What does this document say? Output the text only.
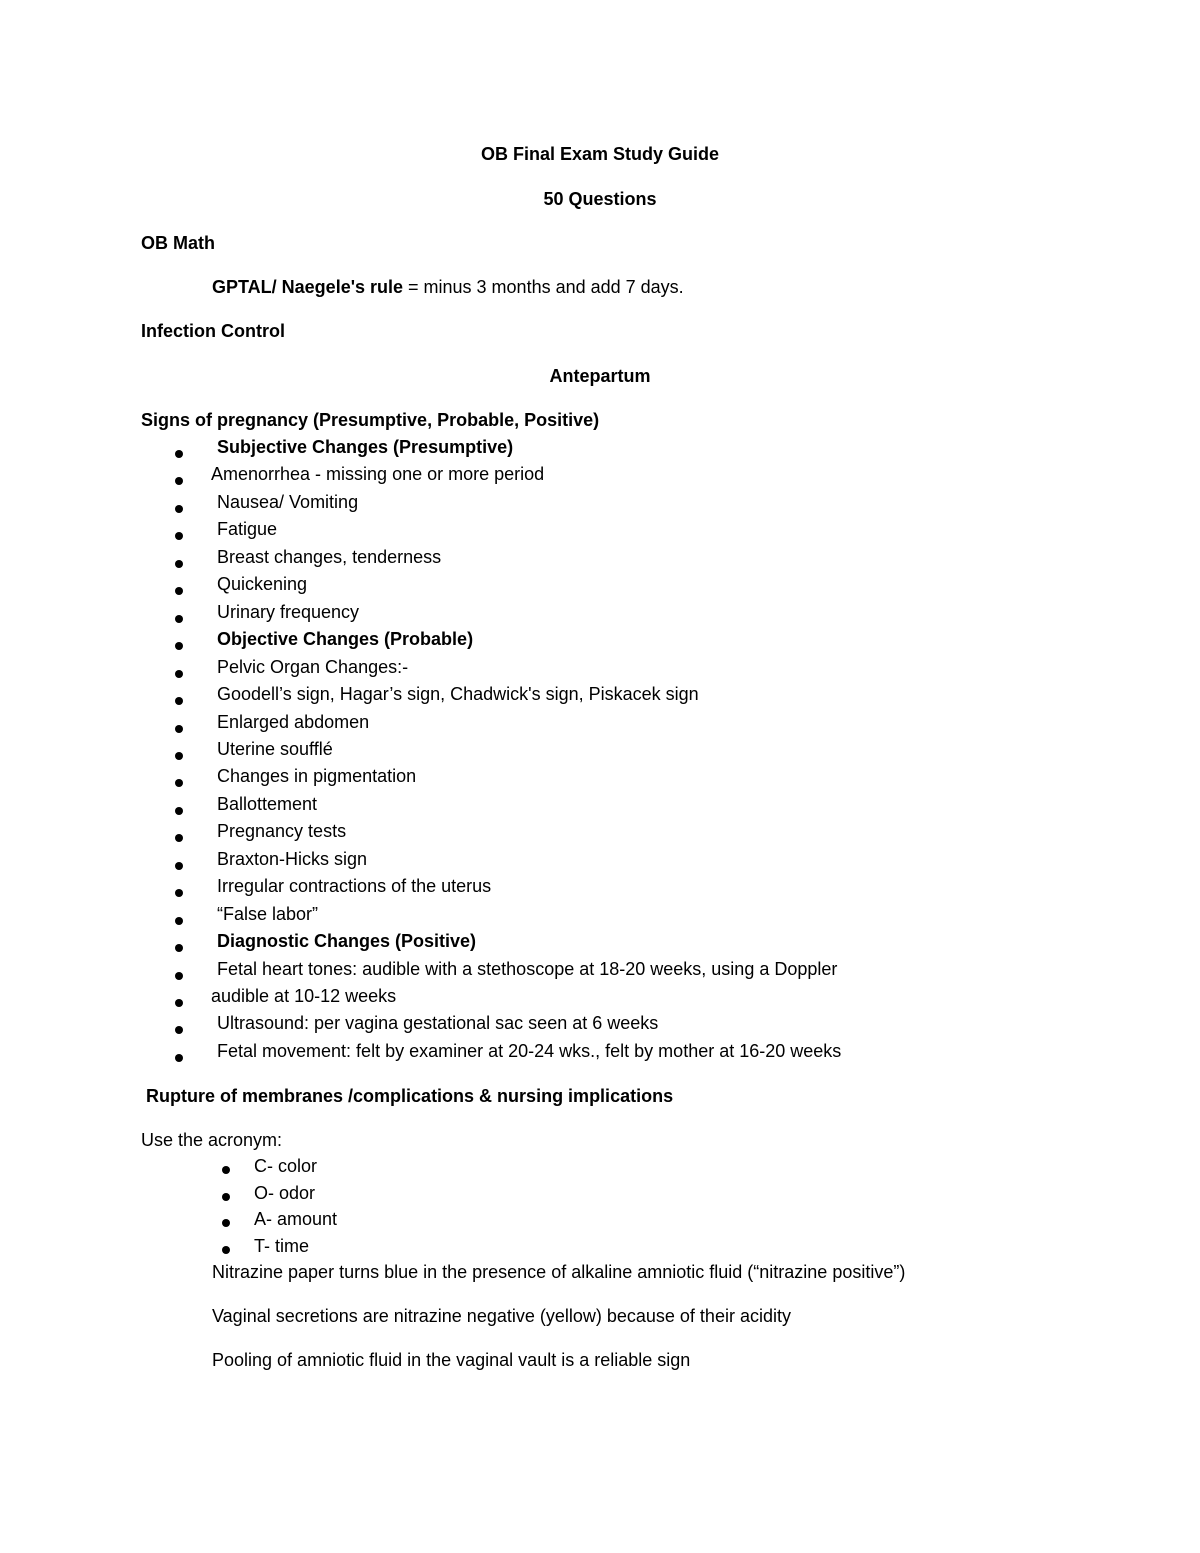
OB Final Exam Study Guide
50 Questions
OB Math
GPTAL/ Naegele's rule = minus 3 months and add 7 days.
Infection Control
Antepartum
Signs of pregnancy (Presumptive, Probable, Positive)
Subjective Changes (Presumptive)
Amenorrhea - missing one or more period
Nausea/ Vomiting
Fatigue
Breast changes, tenderness
Quickening
Urinary frequency
Objective Changes (Probable)
Pelvic Organ Changes:-
Goodell’s sign, Hagar’s sign, Chadwick's sign, Piskacek sign
Enlarged abdomen
Uterine soufflé
Changes in pigmentation
Ballottement
Pregnancy tests
Braxton-Hicks sign
Irregular contractions of the uterus
“False labor”
Diagnostic Changes (Positive)
Fetal heart tones: audible with a stethoscope at 18-20 weeks, using a Doppler
audible at 10-12 weeks
Ultrasound: per vagina gestational sac seen at 6 weeks
Fetal movement: felt by examiner at 20-24 wks., felt by mother at 16-20 weeks
Rupture of membranes /complications & nursing implications
Use the acronym:
C- color
O- odor
A- amount
T- time
Nitrazine paper turns blue in the presence of alkaline amniotic fluid (“nitrazine positive”)
Vaginal secretions are nitrazine negative (yellow) because of their acidity
Pooling of amniotic fluid in the vaginal vault is a reliable sign
